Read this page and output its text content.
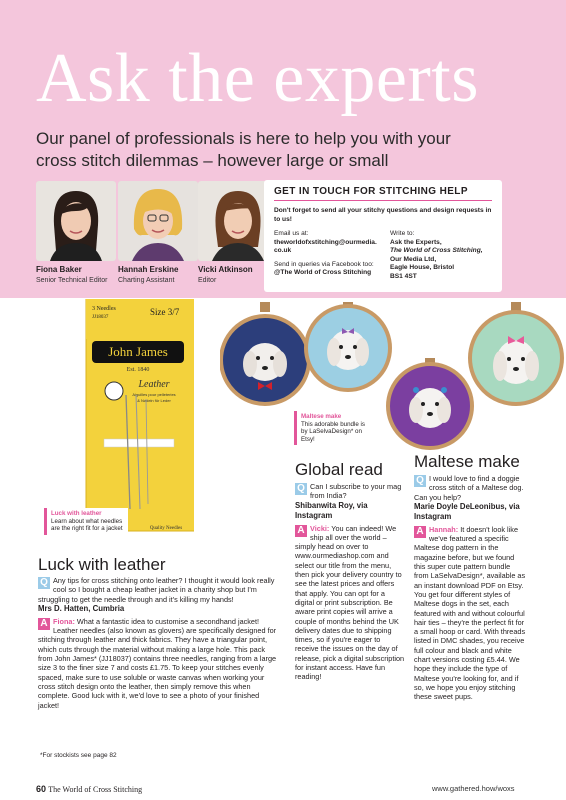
Ask the experts
Our panel of professionals is here to help you with your cross stitch dilemmas – however large or small
Fiona Baker
Senior Technical Editor
Hannah Erskine
Charting Assistant
Vicki Atkinson
Editor
GET IN TOUCH FOR STITCHING HELP
Don't forget to send all your stitchy questions and design requests in to us!
Email us at:
theworldofxstitching@ourmedia.co.uk
Send in queries via Facebook too:
@The World of Cross Stitching
Write to:
Ask the Experts,
The World of Cross Stitching,
Our Media Ltd,
Eagle House, Bristol
BS1 4ST
John James
Est. 1840
3 Needles
JJ18037
Size 3/7
Leather
Aiguilles pour pelleteries
& Nadeln für Leder
Quality Needles
Luck with leather
Learn about what needles are the right fit for a jacket
Maltese make
This adorable bundle is by LaSelvaDesign* on Etsy!
Global read

Q Can I subscribe to your mag from India?

Shibanwita Roy, via Instagram

A Vicki: You can indeed! We ship all over the world – simply head on over to www.ourmediashop.com and select our title from the menu, then pick your delivery country to see the latest prices and offers that apply. You can opt for a digital or print subscription. Be aware print copies will arrive a couple of months behind the UK delivery dates due to shipping times, so if you're eager to receive the issues on the day of release, pick a digital subscription for instant access. Have fun reading!

Maltese make

Q I would love to find a doggie cross stitch of a Maltese dog. Can you help?

Marie Doyle DeLeonibus, via Instagram

A Hannah: It doesn't look like we've featured a specific Maltese dog pattern in the magazine before, but we found this super cute pattern bundle from LaSelvaDesign*, available as an instant download PDF on Etsy. You get four different styles of Maltese dogs in the set, each featured with and without colourful hair ties – they're the perfect fit for a small hoop or card. With threads listed in DMC shades, you receive full colour and black and white chart versions costing £5.44. We hope they include the type of Maltese you're looking for, and if so, we hope you enjoy stitching these sweet pups.

Luck with leather

Q Any tips for cross stitching onto leather? I thought it would look really cool so I bought a cheap leather jacket in a charity shop but I'm struggling to get the needle through and it's killing my hands!

Mrs D. Hatten, Cumbria

A Fiona: What a fantastic idea to customise a secondhand jacket! Leather needles (also known as glovers) are specifically designed for stitching through leather and thick fabrics. They have a triangular point, which cuts through the material without making a large hole. This pack from John James* (JJ18037) contains three needles, ranging from a large size 3 to the finer size 7 and costs £1.75. To keep your stitches evenly spaced, make sure to use soluble or waste canvas when working your cross stitch design onto the leather, then simply remove this when complete. Good luck with it, we'd love to see a photo of your finished jacket!

*For stockists see page 82
60 The World of Cross Stitching	www.gathered.how/woxs
